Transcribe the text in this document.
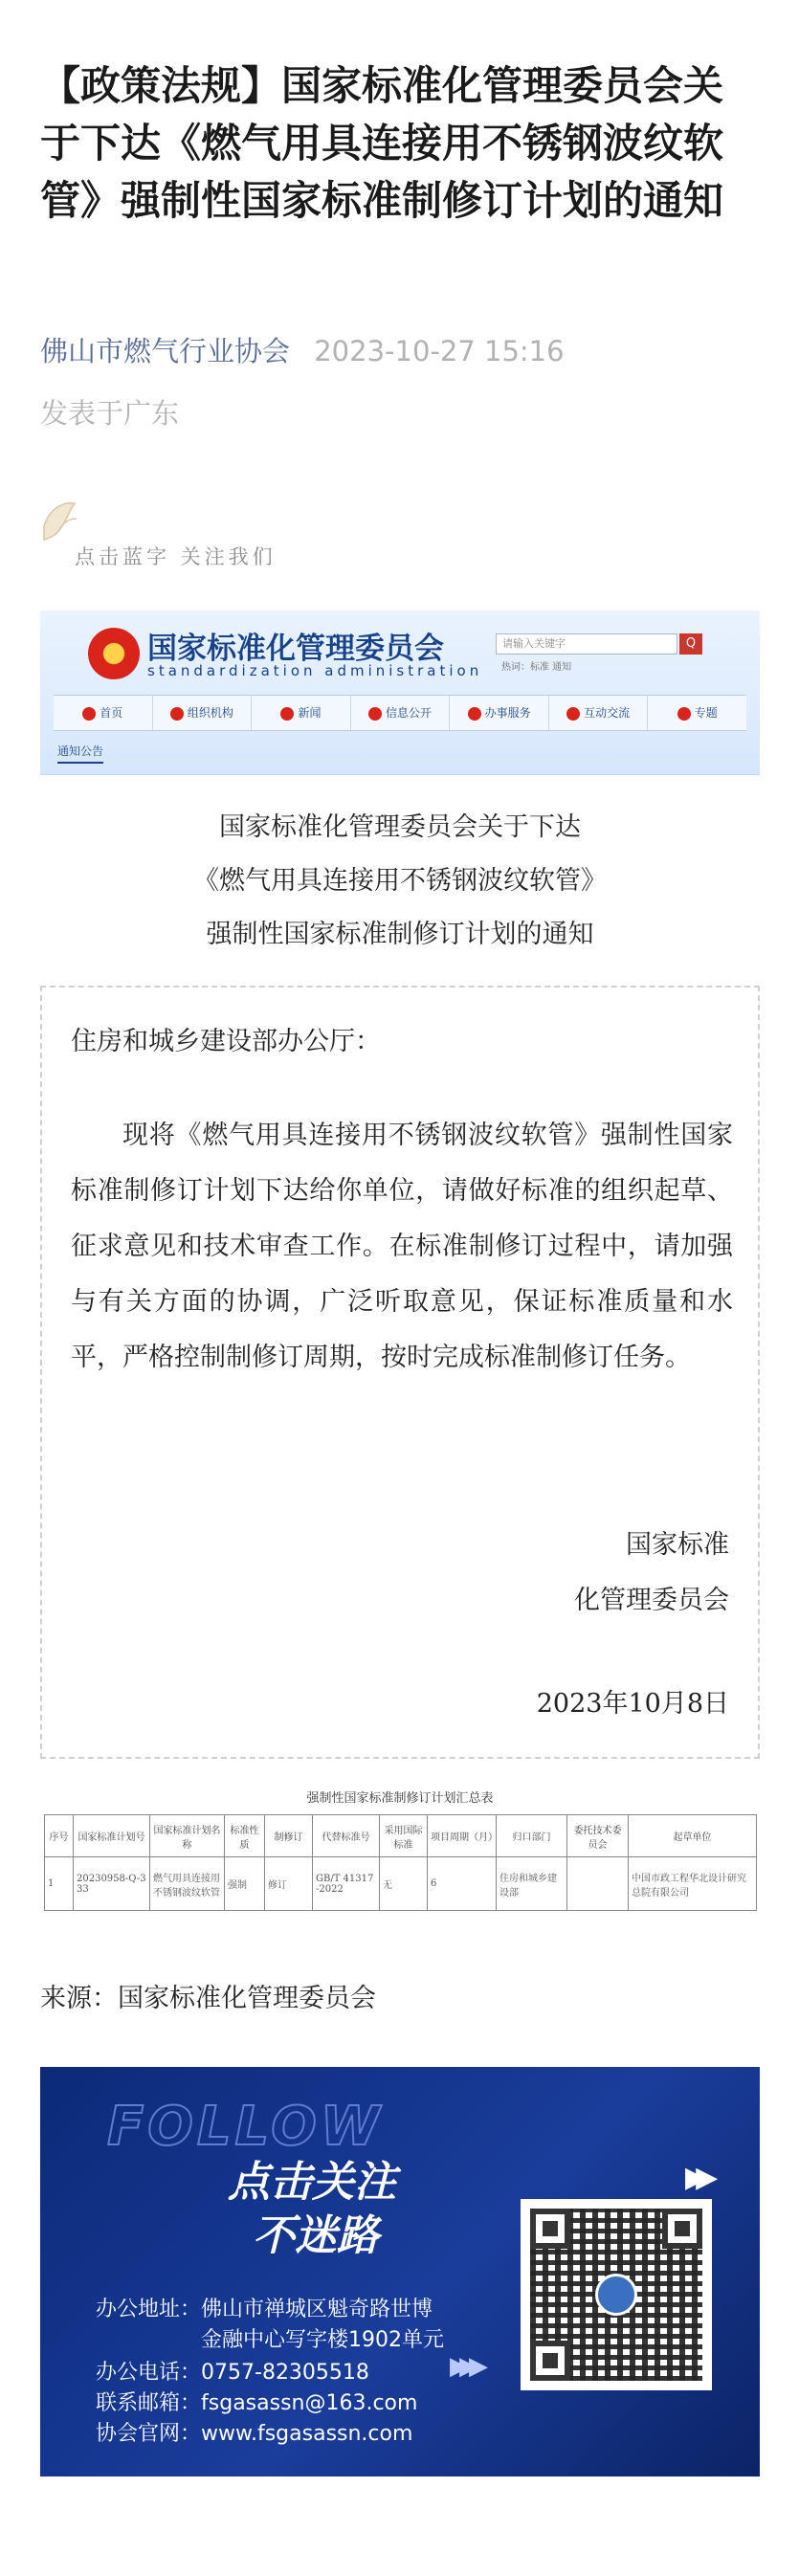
【政策法规】国家标准化管理委员会关于下达《燃气用具连接用不锈钢波纹软管》强制性国家标准制修订计划的通知
佛山市燃气行业协会 2023-10-27 15:16
发表于广东
点击蓝字 关注我们
国家标准化管理委员会
standardization administration
请输入关键字	Q
热词：标准 通知
首页	组织机构	新闻	信息公开	办事服务	互动交流	专题
通知公告
国家标准化管理委员会关于下达
《燃气用具连接用不锈钢波纹软管》
强制性国家标准制修订计划的通知
住房和城乡建设部办公厅：
现将《燃气用具连接用不锈钢波纹软管》强制性国家标准制修订计划下达给你单位，请做好标准的组织起草、征求意见和技术审查工作。在标准制修订过程中，请加强与有关方面的协调，广泛听取意见，保证标准质量和水平，严格控制制修订周期，按时完成标准制修订任务。
国家标准
化管理委员会
2023年10月8日
强制性国家标准制修订计划汇总表
序号	国家标准计划号	国家标准计划名称	标准性质	制修订	代替标准号	采用国际标准	项目周期（月）	归口部门	委托技术委员会	起草单位
1	20230958-Q-333	燃气用具连接用不锈钢波纹软管	强制	修订	GB/T 41317-2022	无	6	住房和城乡建设部		中国市政工程华北设计研究总院有限公司
来源：国家标准化管理委员会
FOLLOW
点击关注
不迷路
▶▶
办公地址：佛山市禅城区魁奇路世博
金融中心写字楼1902单元
办公电话：0757-82305518
联系邮箱：fsgasassn@163.com
协会官网：www.fsgasassn.com
▶▶▶
